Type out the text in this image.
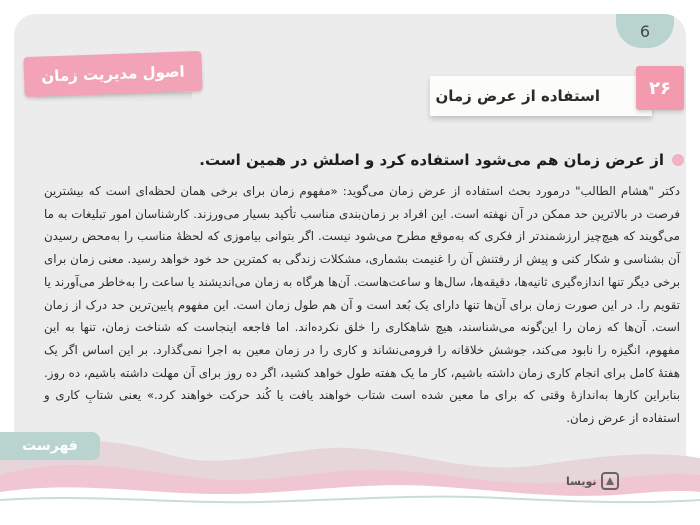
6
اصول مدیریت زمان
استفاده از عرض زمان	۲۶
از عرض زمان هم می‌شود استفاده کرد و اصلش در همین است.
دکتر "هشام الطالب" درمورد بحث استفاده از عرض زمان می‌گوید: «مفهوم زمان برای برخی همان لحظه‌ای است که بیشترین فرصت در بالاترین حد ممکن در آن نهفته است. این افراد بر زمان‌بندی مناسب تأکید بسیار می‌ورزند. کارشناسان امور تبلیغات به ما می‌گویند که هیچ‌چیز ارزشمندتر از فکری که به‌موقع مطرح می‌شود نیست. اگر بتوانی بیاموزی که لحظهٔ مناسب را به‌محض رسیدن آن بشناسی و شکار کنی و پیش از رفتنش آن را غنیمت بشماری، مشکلات زندگی به کمترین حد خود خواهد رسید. معنی زمان برای برخی دیگر تنها اندازه‌گیری ثانیه‌ها، دقیقه‌ها، سال‌ها و ساعت‌هاست. آن‌ها هرگاه به زمان می‌اندیشند یا ساعت را به‌خاطر می‌آورند یا تقویم را. در این صورت زمان برای آن‌ها تنها دارای یک بُعد است و آن هم طول زمان است. این مفهوم پایین‌ترین حد درک از زمان است. آن‌ها که زمان را این‌گونه می‌شناسند، هیچ شاهکاری را خلق نکرده‌اند. اما فاجعه اینجاست که شناخت زمان، تنها به این مفهوم، انگیزه را نابود می‌کند، جوشش خلاقانه را فرومی‌نشاند و کاری را در زمان معین به اجرا نمی‌گذارد. بر این اساس اگر یک هفتهٔ کامل برای انجام کاری زمان داشته باشیم، کار ما یک هفته طول خواهد کشید، اگر ده روز برای آن مهلت داشته باشیم، ده روز. بنابراین کارها به‌اندازهٔ وقتی که برای ما معین شده است شتاب خواهند یافت یا کُند حرکت خواهند کرد.» یعنی شتابِ کاری و استفاده از عرض زمان.
فهرست
نویسا
